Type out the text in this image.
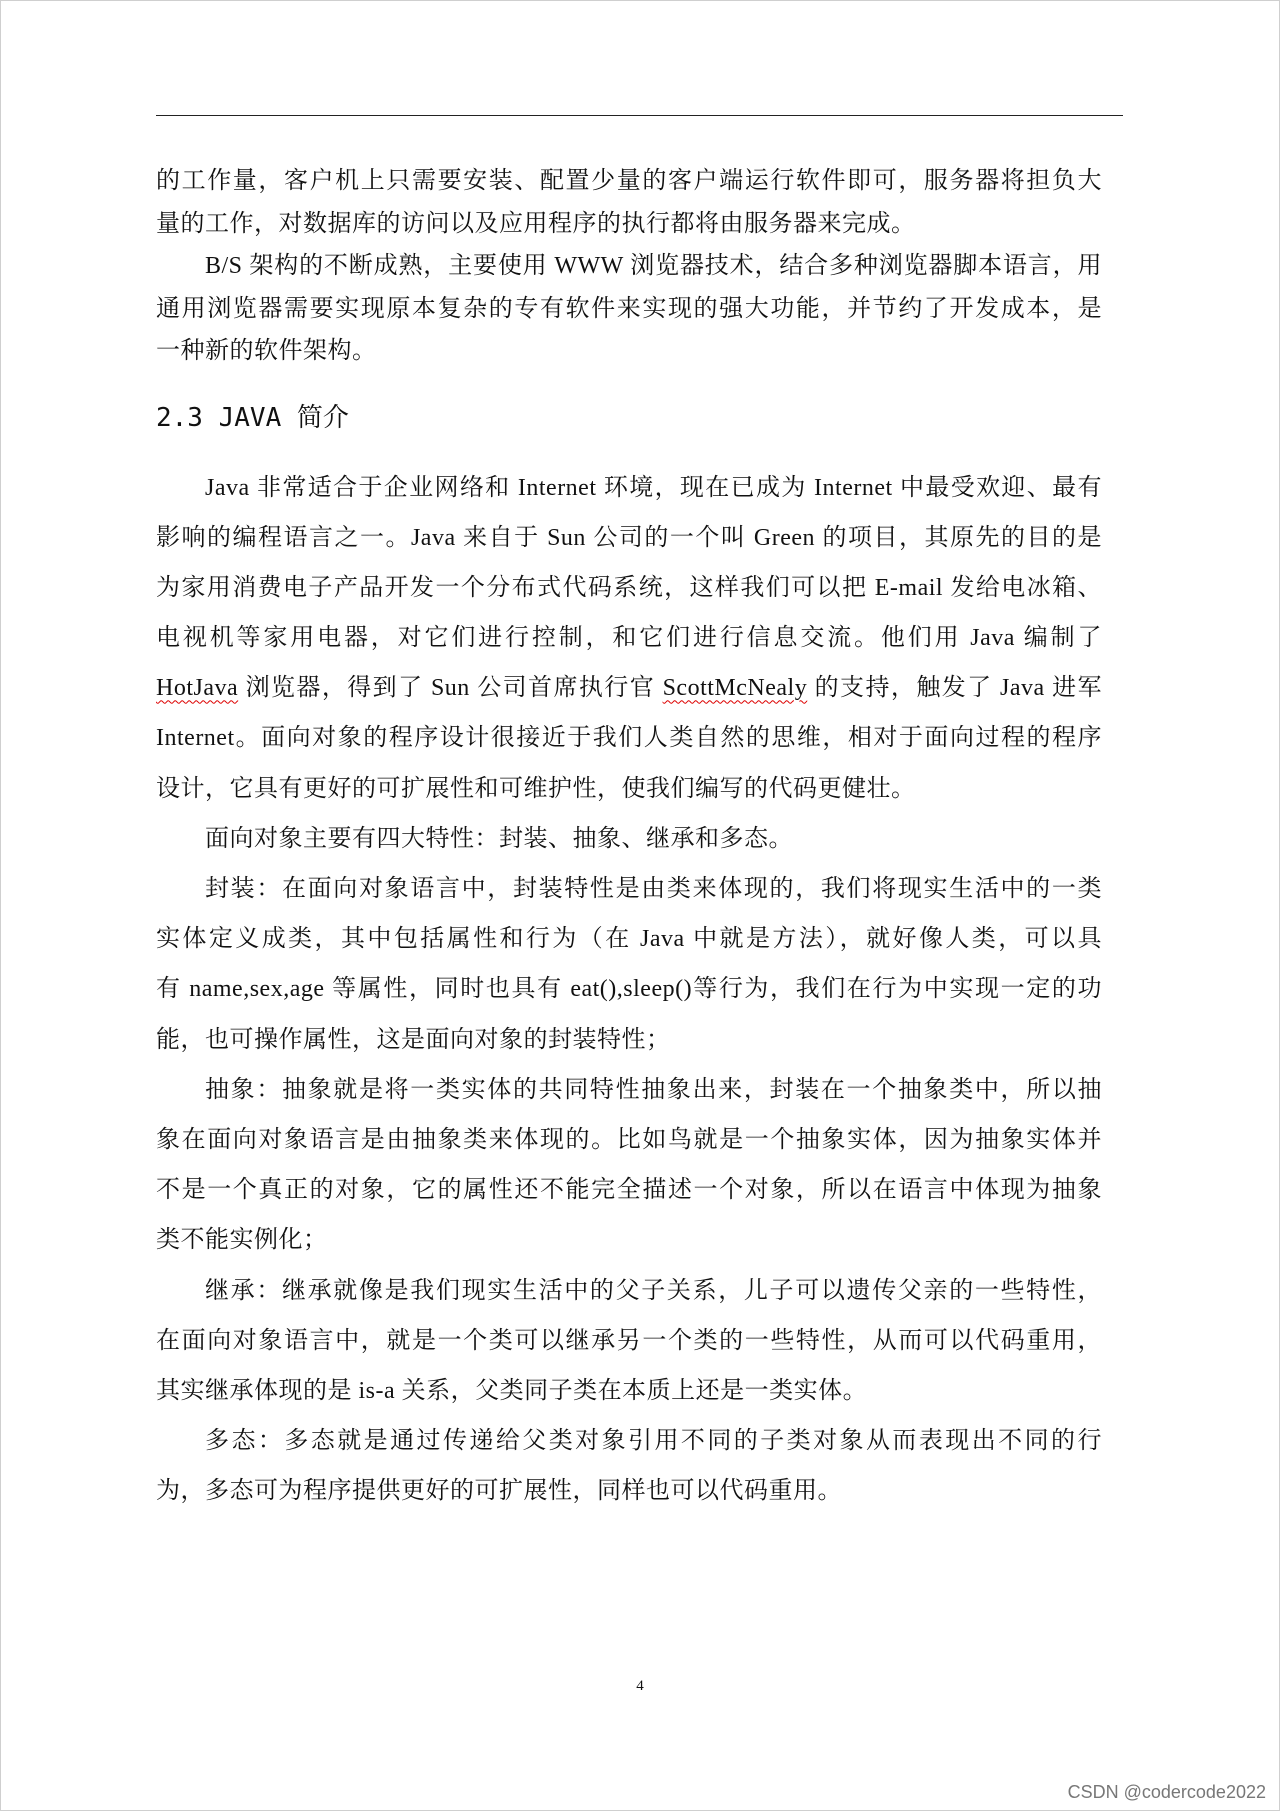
的工作量，客户机上只需要安装、配置少量的客户端运行软件即可，服务器将担负大
量的工作，对数据库的访问以及应用程序的执行都将由服务器来完成。
B/S 架构的不断成熟，主要使用 WWW 浏览器技术，结合多种浏览器脚本语言，用
通用浏览器需要实现原本复杂的专有软件来实现的强大功能，并节约了开发成本，是
一种新的软件架构。
2.3 JAVA 简介
Java 非常适合于企业网络和 Internet 环境，现在已成为 Internet 中最受欢迎、最有
影响的编程语言之一。Java 来自于 Sun 公司的一个叫 Green 的项目，其原先的目的是
为家用消费电子产品开发一个分布式代码系统，这样我们可以把 E-mail 发给电冰箱、
电视机等家用电器，对它们进行控制，和它们进行信息交流。他们用 Java 编制了
HotJava 浏览器，得到了 Sun 公司首席执行官 ScottMcNealy 的支持，触发了 Java 进军
Internet。面向对象的程序设计很接近于我们人类自然的思维，相对于面向过程的程序
设计，它具有更好的可扩展性和可维护性，使我们编写的代码更健壮。
面向对象主要有四大特性：封装、抽象、继承和多态。
封装：在面向对象语言中，封装特性是由类来体现的，我们将现实生活中的一类
实体定义成类，其中包括属性和行为（在 Java 中就是方法），就好像人类，可以具
有 name,sex,age 等属性，同时也具有 eat(),sleep()等行为，我们在行为中实现一定的功
能，也可操作属性，这是面向对象的封装特性；
抽象：抽象就是将一类实体的共同特性抽象出来，封装在一个抽象类中，所以抽
象在面向对象语言是由抽象类来体现的。比如鸟就是一个抽象实体，因为抽象实体并
不是一个真正的对象，它的属性还不能完全描述一个对象，所以在语言中体现为抽象
类不能实例化；
继承：继承就像是我们现实生活中的父子关系，儿子可以遗传父亲的一些特性，
在面向对象语言中，就是一个类可以继承另一个类的一些特性，从而可以代码重用，
其实继承体现的是 is-a 关系，父类同子类在本质上还是一类实体。
多态：多态就是通过传递给父类对象引用不同的子类对象从而表现出不同的行
为，多态可为程序提供更好的可扩展性，同样也可以代码重用。
4
CSDN @codercode2022
